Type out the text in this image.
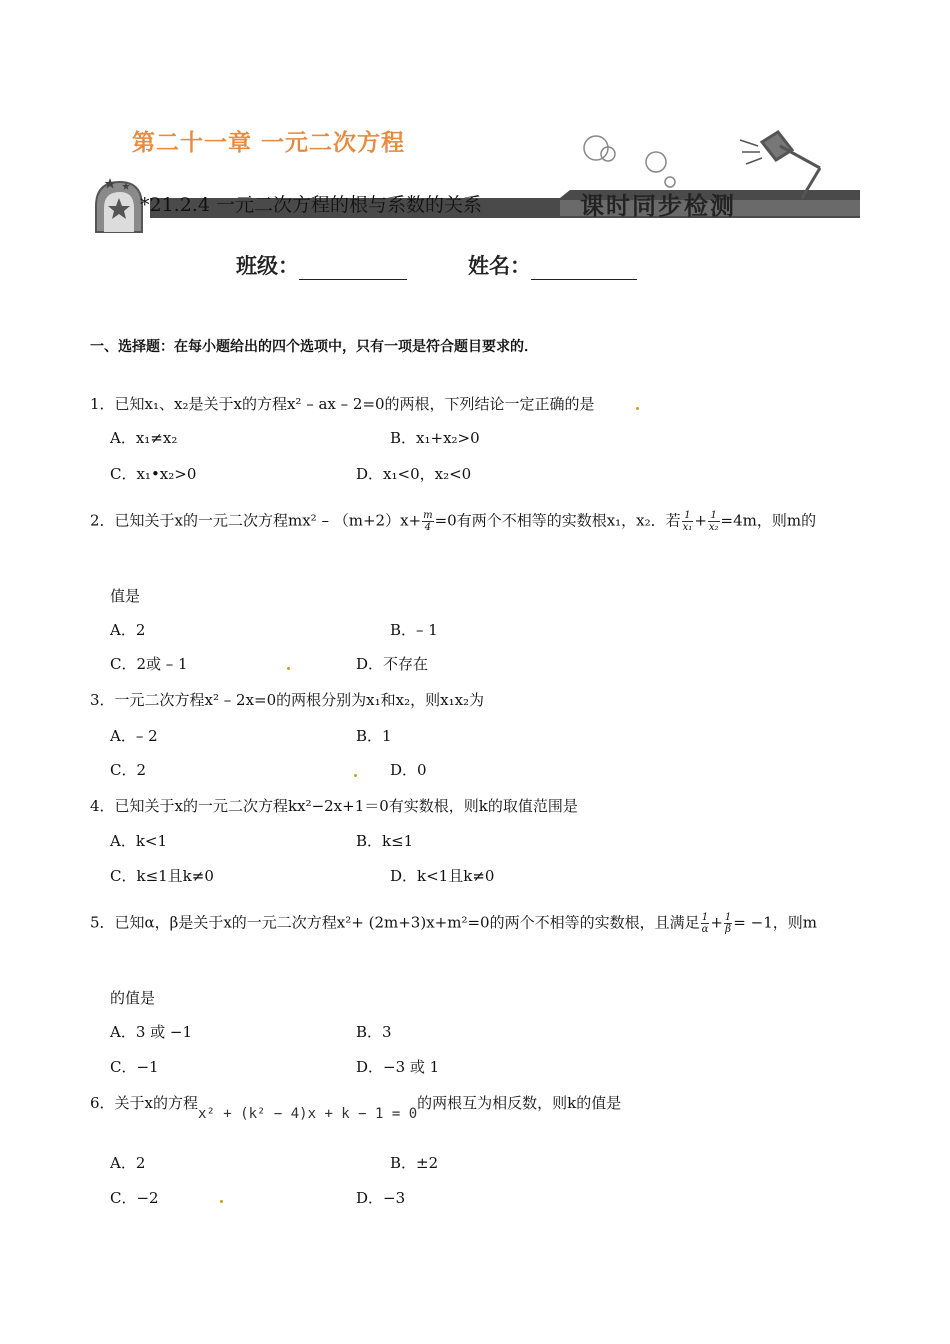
第二十一章 一元二次方程
*21.2.4 一元二次方程的根与系数的关系	课时同步检测
班级：	姓名：
一、选择题：在每小题给出的四个选项中，只有一项是符合题目要求的．
1．已知x₁、x₂是关于x的方程x² – ax – 2=0的两根，下列结论一定正确的是
A．x₁≠x₂	B．x₁+x₂>0
C．x₁•x₂>0	D．x₁<0，x₂<0
2．已知关于x的一元二次方程$mx^2 - (m+2)x+ \frac{m}{4} =0$有两个不相等的实数根x₁，x₂．若 $\frac{1}{\text{x₁}} + \frac{1}{\text{x₂}} =4m$，则m的
值是
A．2	B．– 1
C．2或 – 1	D．不存在
3．一元二次方程x² – 2x=0的两根分别为x₁和x₂，则x₁x₂为
A．– 2	B．1
C．2	D．0
4．已知关于x的一元二次方程kx²−2x+1＝0有实数根，则k的取值范围是
A．k<1	B．k≤1
C．k≤1且k≠0	D．k<1且k≠0
5．已知α，β是关于x的一元二次方程x²+ (2m+3)x+m²=0的两个不相等的实数根，且满足 $\frac{1}{\alpha} + \frac{1}{\beta} = -1$，则m
的值是
A．3 或 −1	B．3
C．−1	D．−3 或 1
6．关于x的方程x² + (k² − 4)x + k − 1 = 0的两根互为相反数，则k的值是
A．2	B．±2
C．−2	D．−3
